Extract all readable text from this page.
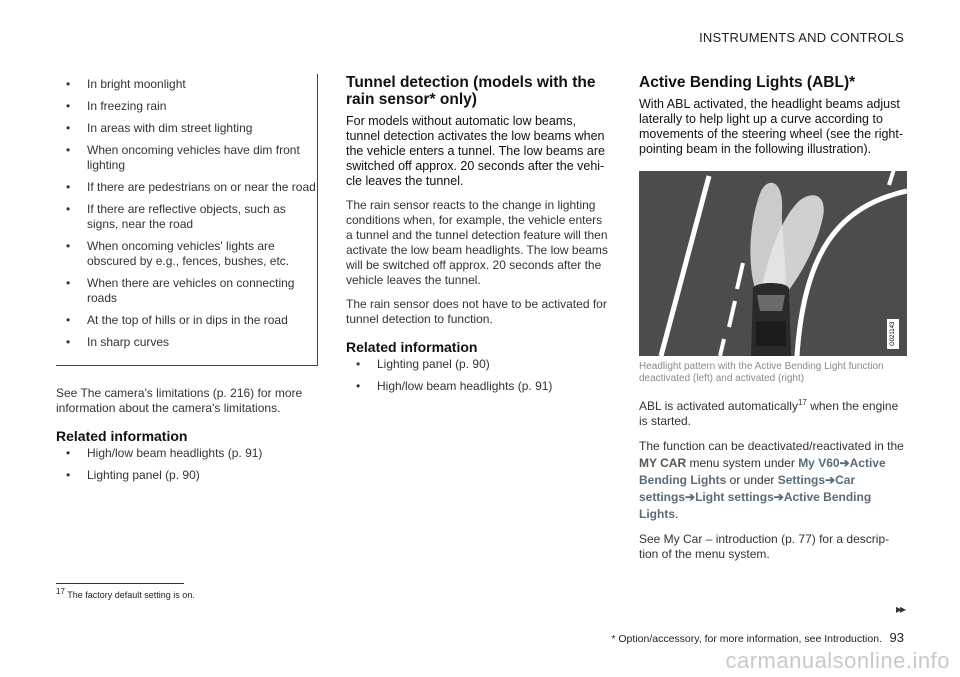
INSTRUMENTS AND CONTROLS
• In bright moonlight
• In freezing rain
• In areas with dim street lighting
• When oncoming vehicles have dim front lighting
• If there are pedestrians on or near the road
• If there are reflective objects, such as signs, near the road
• When oncoming vehicles' lights are obscured by e.g., fences, bushes, etc.
• When there are vehicles on connecting roads
• At the top of hills or in dips in the road
• In sharp curves

See The camera's limitations (p. 216) for more information about the camera's limitations.

Related information
• High/low beam headlights (p. 91)
• Lighting panel (p. 90)
Tunnel detection (models with the rain sensor* only)

For models without automatic low beams, tunnel detection activates the low beams when the vehicle enters a tunnel. The low beams are switched off approx. 20 seconds after the vehi-cle leaves the tunnel.

The rain sensor reacts to the change in lighting conditions when, for example, the vehicle enters a tunnel and the tunnel detection feature will then activate the low beam headlights. The low beams will be switched off approx. 20 seconds after the vehicle leaves the tunnel.

The rain sensor does not have to be activated for tunnel detection to function.

Related information
• Lighting panel (p. 90)
• High/low beam headlights (p. 91)
Active Bending Lights (ABL)*

With ABL activated, the headlight beams adjust laterally to help light up a curve according to movements of the steering wheel (see the right-pointing beam in the following illustration).

G021143
Headlight pattern with the Active Bending Light function deactivated (left) and activated (right)

ABL is activated automatically$^{17}$ when the engine is started.

The function can be deactivated/reactivated in the MY CAR menu system under My V60➔Active Bending Lights or under Settings➔Car settings➔Light settings➔Active Bending Lights.

See My Car – introduction (p. 77) for a descrip-tion of the menu system.

$^{17}$ The factory default setting is on.
▸▸
* Option/accessory, for more information, see Introduction. 93
carmanualsonline.info
